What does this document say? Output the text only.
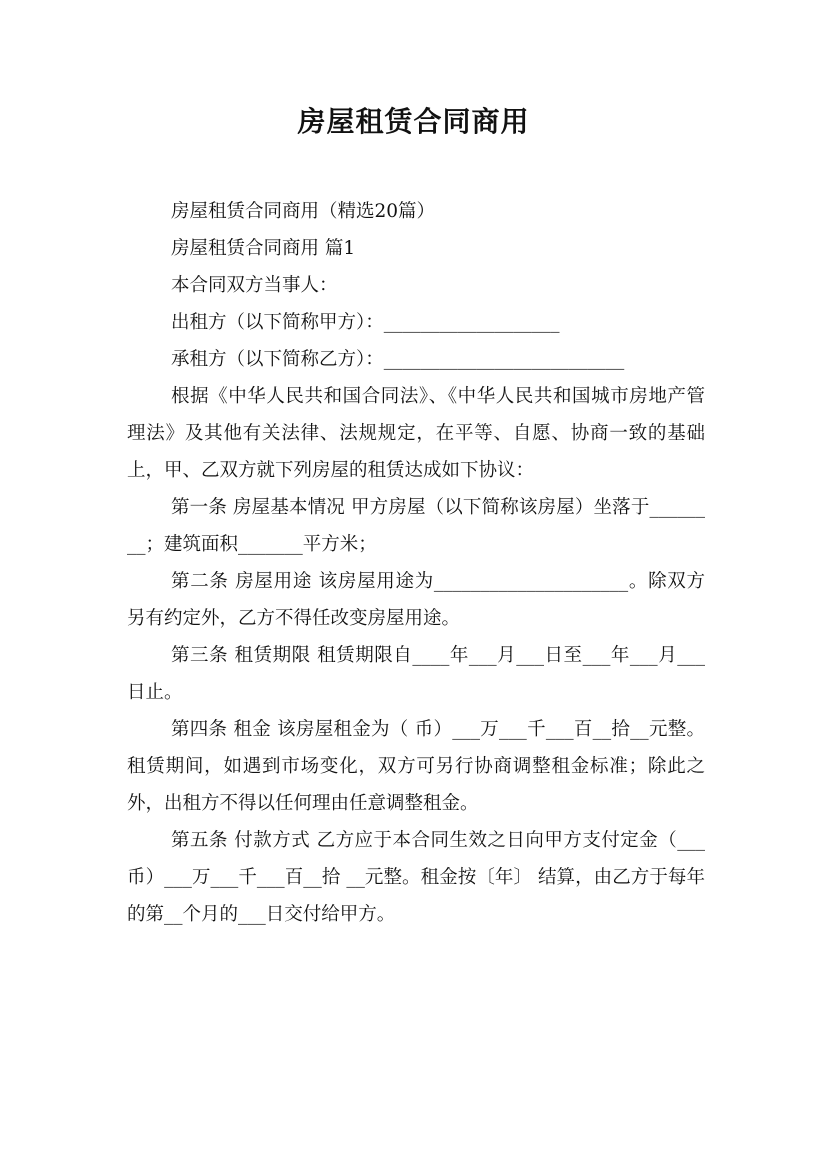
房屋租赁合同商用

房屋租赁合同商用（精选20篇）

房屋租赁合同商用 篇1

本合同双方当事人：

出租方（以下简称甲方）：___________________

承租方（以下简称乙方）：__________________________

根据《中华人民共和国合同法》、《中华人民共和国城市房地产管理法》及其他有关法律、法规规定，在平等、自愿、协商一致的基础上，甲、乙双方就下列房屋的租赁达成如下协议：

第一条 房屋基本情况 甲方房屋（以下简称该房屋）坐落于________；建筑面积_______平方米；

第二条 房屋用途 该房屋用途为_____________________。除双方另有约定外，乙方不得任改变房屋用途。

第三条 租赁期限 租赁期限自____年___月___日至___年___月___日止。

第四条 租金 该房屋租金为（ 币）___万___千___百__拾__元整。 租赁期间，如遇到市场变化，双方可另行协商调整租金标准；除此之外，出租方不得以任何理由任意调整租金。

第五条 付款方式 乙方应于本合同生效之日向甲方支付定金（___币）___万___千___百__拾 __元整。租金按〔年〕 结算，由乙方于每年的第__个月的___日交付给甲方。
